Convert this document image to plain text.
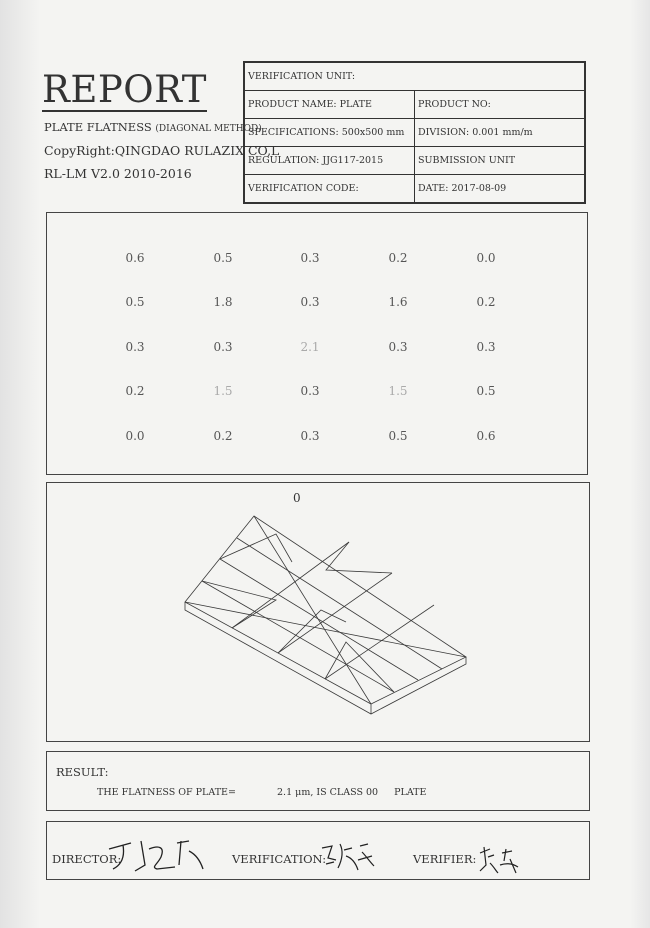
REPORT
PLATE FLATNESS (DIAGONAL METHOD)
CopyRight:QINGDAO RULAZIX CO,L
RL-LM V2.0 2010-2016
VERIFICATION UNIT:	
PRODUCT NAME: PLATE	PRODUCT NO:
SPECIFICATIONS: 500x500 mm	DIVISION: 0.001 mm/m
REGULATION: JJG117-2015	SUBMISSION UNIT
VERIFICATION CODE:	DATE: 2017-08-09
0.6	0.5	0.3	0.2	0.0
0.5	1.8	0.3	1.6	0.2
0.3	0.3	2.1	0.3	0.3
0.2	1.5	0.3	1.5	0.5
0.0	0.2	0.3	0.5	0.6
0
RESULT:
THE FLATNESS OF PLATE=	2.1 μm, IS CLASS 00 PLATE
DIRECTOR:	VERIFICATION:	VERIFIER:
